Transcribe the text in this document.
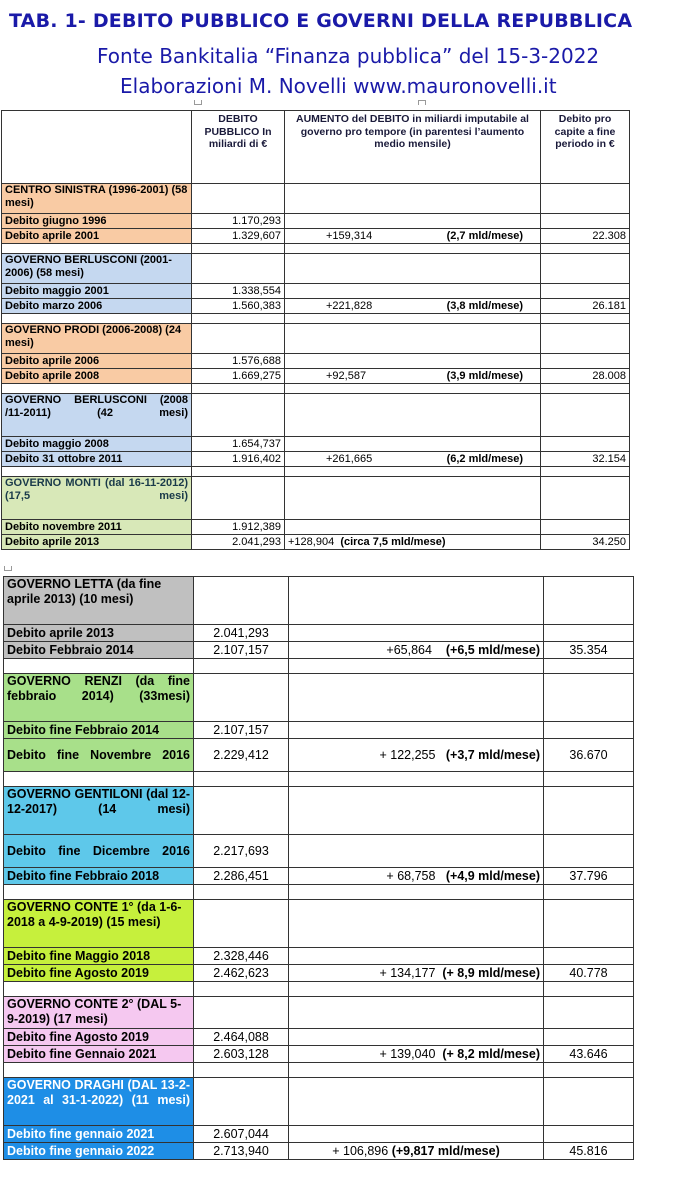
TAB. 1- DEBITO PUBBLICO E GOVERNI DELLA REPUBBLICA
Fonte Bankitalia “Finanza pubblica” del 15-3-2022
Elaborazioni M. Novelli www.mauronovelli.it
	DEBITO PUBBLICO In miliardi di €	AUMENTO del DEBITO in miliardi imputabile al governo pro tempore (in parentesi l’aumento medio mensile)	Debito pro capite a fine periodo in €
CENTRO SINISTRA (1996-2001) (58 mesi)			
Debito giugno 1996	1.170,293		
Debito aprile 2001	1.329,607	+159,314 (2,7 mld/mese)	22.308

GOVERNO BERLUSCONI (2001-2006) (58 mesi)			
Debito maggio 2001	1.338,554		
Debito marzo 2006	1.560,383	+221,828 (3,8 mld/mese)	26.181

GOVERNO PRODI (2006-2008) (24 mesi)			
Debito aprile 2006	1.576,688		
Debito aprile 2008	1.669,275	+92,587 (3,9 mld/mese)	28.008

GOVERNO BERLUSCONI (2008 /11-2011) (42 mesi)			
Debito maggio 2008	1.654,737		
Debito 31 ottobre 2011	1.916,402	+261,665 (6,2 mld/mese)	32.154

GOVERNO MONTI (dal 16-11-2012) (17,5 mesi)			
Debito novembre 2011	1.912,389		
Debito aprile 2013	2.041,293	+128,904 (circa 7,5 mld/mese)	34.250
GOVERNO LETTA (da fine aprile 2013) (10 mesi)			
Debito aprile 2013	2.041,293		
Debito Febbraio 2014	2.107,157	+65,864 (+6,5 mld/mese)	35.354

GOVERNO RENZI (da fine febbraio 2014) (33mesi)			
Debito fine Febbraio 2014	2.107,157		
Debito fine Novembre 2016	2.229,412	+ 122,255 (+3,7 mld/mese)	36.670

GOVERNO GENTILONI (dal 12-12-2017) (14 mesi)			
Debito fine Dicembre 2016	2.217,693		
Debito fine Febbraio 2018	2.286,451	+ 68,758 (+4,9 mld/mese)	37.796

GOVERNO CONTE 1° (da 1-6-2018 a 4-9-2019) (15 mesi)			
Debito fine Maggio 2018	2.328,446		
Debito fine Agosto 2019	2.462,623	+ 134,177 (+ 8,9 mld/mese)	40.778

GOVERNO CONTE 2° (DAL 5-9-2019) (17 mesi)			
Debito fine Agosto 2019	2.464,088		
Debito fine Gennaio 2021	2.603,128	+ 139,040 (+ 8,2 mld/mese)	43.646

GOVERNO DRAGHI (DAL 13-2-2021 al 31-1-2022) (11 mesi)			
Debito fine gennaio 2021	2.607,044		
Debito fine gennaio 2022	2.713,940	+ 106,896 (+9,817 mld/mese)	45.816
